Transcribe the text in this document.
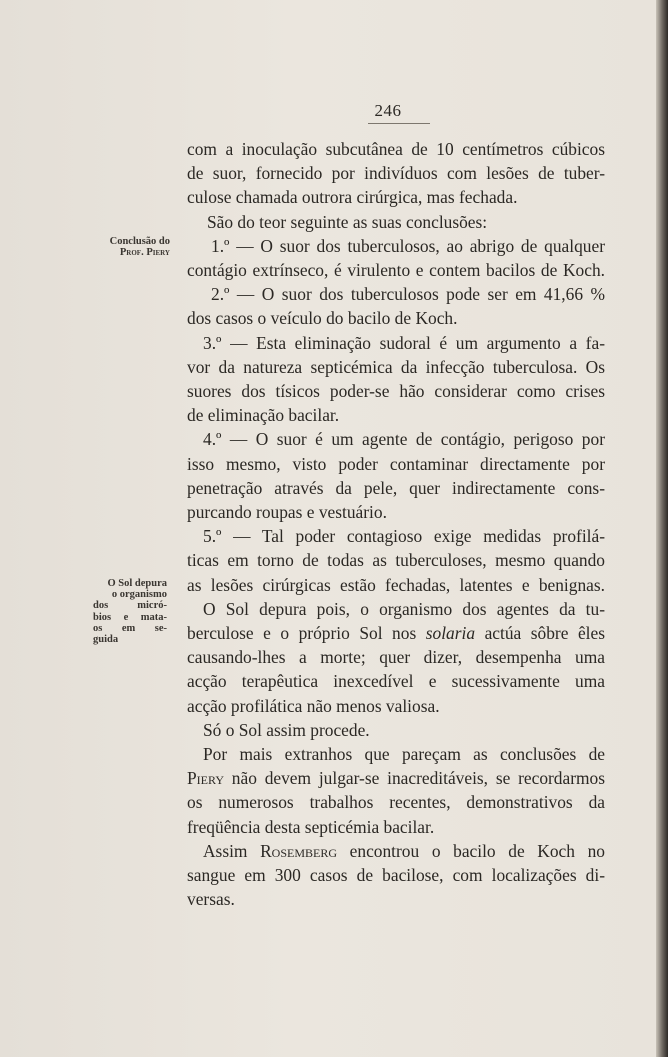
246
Conclusão do
Prof. Piery
O Sol depura
o organismo
dos micró-
bios e mata-
os em se-
guida

com a inoculação subcutânea de 10 centímetros cúbicos
de suor, fornecido por indivíduos com lesões de tuber-
culose chamada outrora cirúrgica, mas fechada.

São do teor seguinte as suas conclusões:

1.º — O suor dos tuberculosos, ao abrigo de qualquer
contágio extrínseco, é virulento e contem bacilos de Koch.

2.º — O suor dos tuberculosos pode ser em 41,66 %
dos casos o veículo do bacilo de Koch.

3.º — Esta eliminação sudoral é um argumento a fa-
vor da natureza septicémica da infecção tuberculosa. Os
suores dos tísicos poder-se hão considerar como crises
de eliminação bacilar.

4.º — O suor é um agente de contágio, perigoso por
isso mesmo, visto poder contaminar directamente por
penetração através da pele, quer indirectamente cons-
purcando roupas e vestuário.

5.º — Tal poder contagioso exige medidas profilá-
ticas em torno de todas as tuberculoses, mesmo quando
as lesões cirúrgicas estão fechadas, latentes e benignas.

O Sol depura pois, o organismo dos agentes da tu-
berculose e o próprio Sol nos solaria actúa sôbre êles
causando-lhes a morte; quer dizer, desempenha uma
acção terapêutica inexcedível e sucessivamente uma
acção profilática não menos valiosa.

Só o Sol assim procede.

Por mais extranhos que pareçam as conclusões de
Piery não devem julgar-se inacreditáveis, se recordarmos
os numerosos trabalhos recentes, demonstrativos da
freqüência desta septicémia bacilar.

Assim Rosemberg encontrou o bacilo de Koch no
sangue em 300 casos de bacilose, com localizações di-
versas.
